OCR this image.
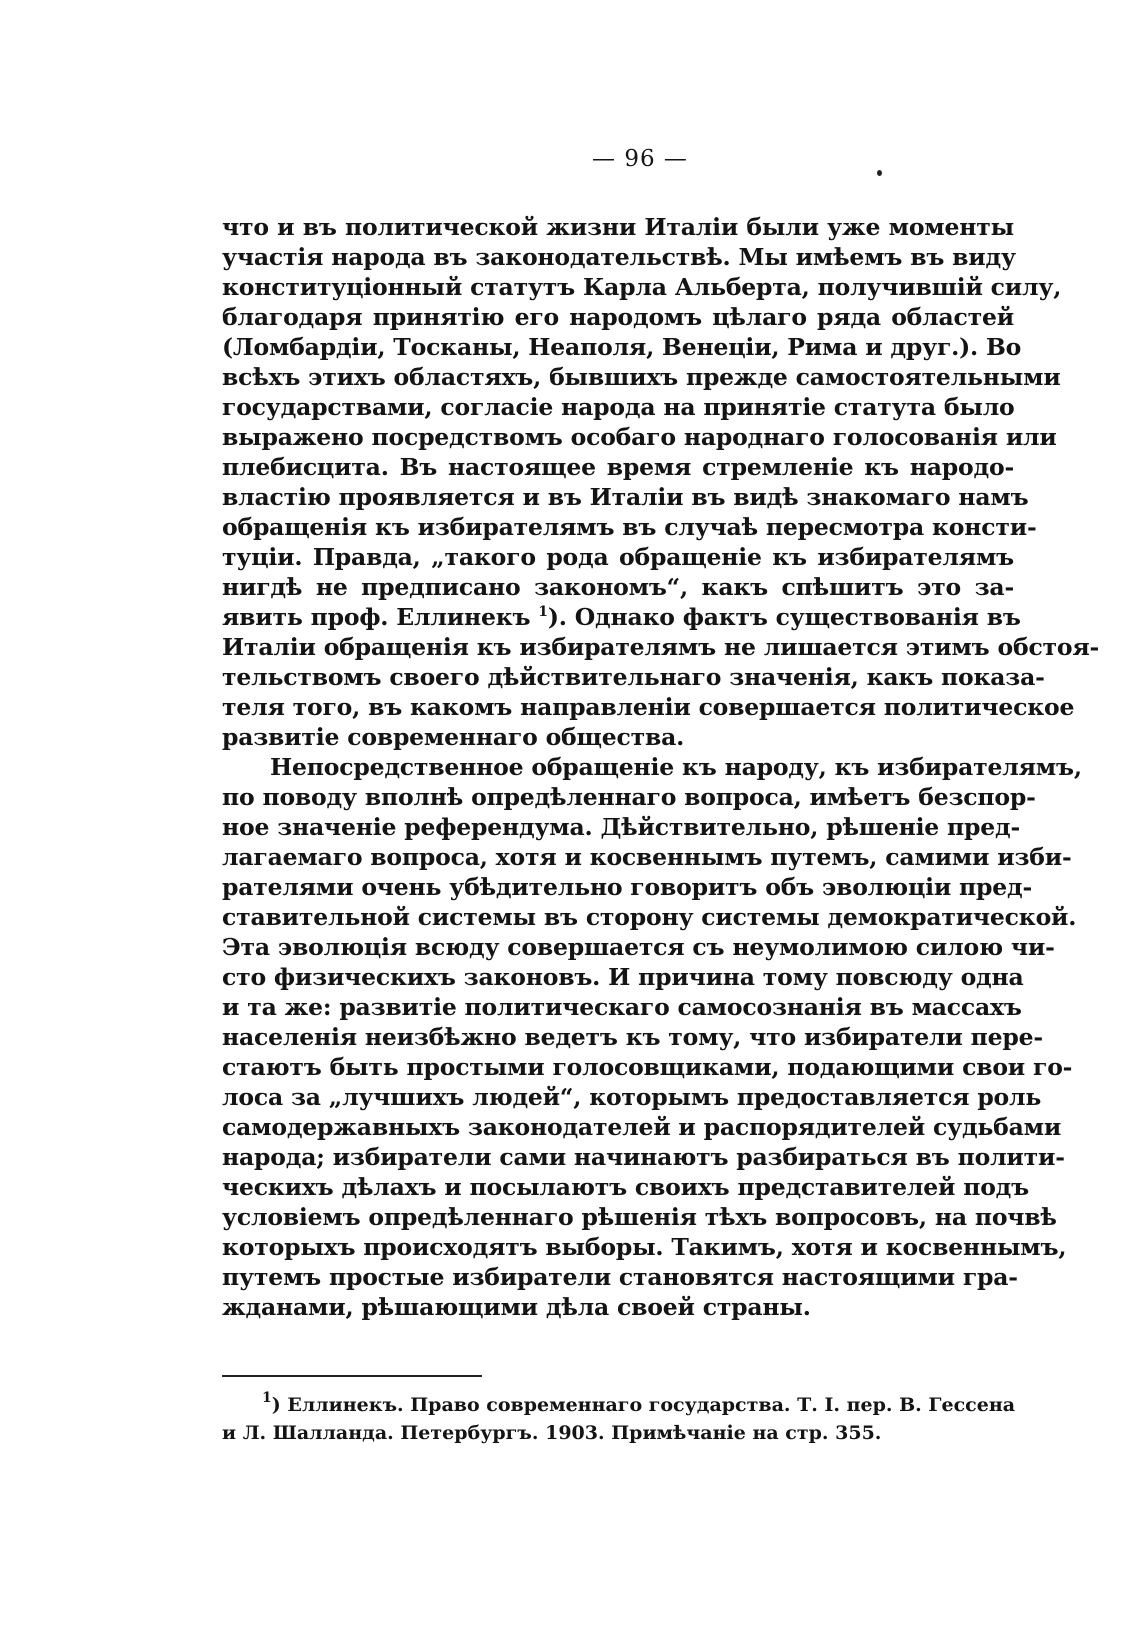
— 96 —
что и въ политической жизни Италіи были уже моменты
участія народа въ законодательствѣ. Мы имѣемъ въ виду
конституціонный статутъ Карла Альберта, получившій силу,
благодаря принятію его народомъ цѣлаго ряда областей
(Ломбардіи, Тосканы, Неаполя, Венеціи, Рима и друг.). Во
всѣхъ этихъ областяхъ, бывшихъ прежде самостоятельными
государствами, согласіе народа на принятіе статута было
выражено посредствомъ особаго народнаго голосованія или
плебисцита. Въ настоящее время стремленіе къ народо-
властію проявляется и въ Италіи въ видѣ знакомаго намъ
обращенія къ избирателямъ въ случаѣ пересмотра консти-
туціи. Правда, „такого рода обращеніе къ избирателямъ
нигдѣ не предписано закономъ“, какъ спѣшитъ это за-
явить проф. Еллинекъ $^1$). Однако фактъ существованія въ
Италіи обращенія къ избирателямъ не лишается этимъ обстоя-
тельствомъ своего дѣйствительнаго значенія, какъ показа-
теля того, въ какомъ направленіи совершается политическое
развитіе современнаго общества.
Непосредственное обращеніе къ народу, къ избирателямъ,
по поводу вполнѣ опредѣленнаго вопроса, имѣетъ безспор-
ное значеніе референдума. Дѣйствительно, рѣшеніе пред-
лагаемаго вопроса, хотя и косвеннымъ путемъ, самими изби-
рателями очень убѣдительно говоритъ объ эволюціи пред-
ставительной системы въ сторону системы демократической.
Эта эволюція всюду совершается съ неумолимою силою чи-
сто физическихъ законовъ. И причина тому повсюду одна
и та же: развитіе политическаго самосознанія въ массахъ
населенія неизбѣжно ведетъ къ тому, что избиратели пере-
стаютъ быть простыми голосовщиками, подающими свои го-
лоса за „лучшихъ людей“, которымъ предоставляется роль
самодержавныхъ законодателей и распорядителей судьбами
народа; избиратели сами начинаютъ разбираться въ полити-
ческихъ дѣлахъ и посылаютъ своихъ представителей подъ
условіемъ опредѣленнаго рѣшенія тѣхъ вопросовъ, на почвѣ
которыхъ происходятъ выборы. Такимъ, хотя и косвеннымъ,
путемъ простые избиратели становятся настоящими гра-
жданами, рѣшающими дѣла своей страны.
$^1$) Еллинекъ. Право современнаго государства. Т. І. пер. В. Гессена
и Л. Шалланда. Петербургъ. 1903. Примѣчаніе на стр. 355.
